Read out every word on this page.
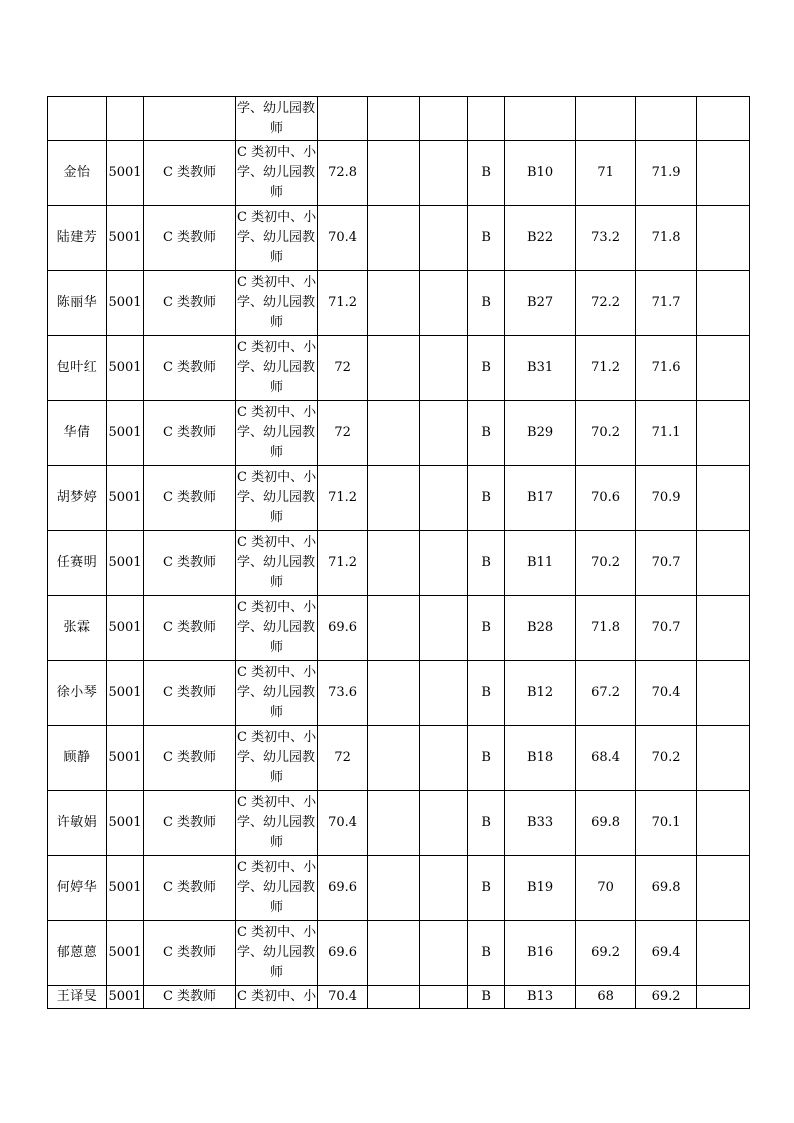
			学、幼儿园教
师								

金怡	5001	C 类教师	C 类初中、小
学、幼儿园教
师	72.8			B	B10	71	71.9	
陆建芳	5001	C 类教师	C 类初中、小
学、幼儿园教
师	70.4			B	B22	73.2	71.8	
陈丽华	5001	C 类教师	C 类初中、小
学、幼儿园教
师	71.2			B	B27	72.2	71.7	
包叶红	5001	C 类教师	C 类初中、小
学、幼儿园教
师	72			B	B31	71.2	71.6	
华倩	5001	C 类教师	C 类初中、小
学、幼儿园教
师	72			B	B29	70.2	71.1	
胡梦婷	5001	C 类教师	C 类初中、小
学、幼儿园教
师	71.2			B	B17	70.6	70.9	
任赛明	5001	C 类教师	C 类初中、小
学、幼儿园教
师	71.2			B	B11	70.2	70.7	
张霖	5001	C 类教师	C 类初中、小
学、幼儿园教
师	69.6			B	B28	71.8	70.7	
徐小琴	5001	C 类教师	C 类初中、小
学、幼儿园教
师	73.6			B	B12	67.2	70.4	
顾静	5001	C 类教师	C 类初中、小
学、幼儿园教
师	72			B	B18	68.4	70.2	
许敏娟	5001	C 类教师	C 类初中、小
学、幼儿园教
师	70.4			B	B33	69.8	70.1	
何婷华	5001	C 类教师	C 类初中、小
学、幼儿园教
师	69.6			B	B19	70	69.8	
郁蒽蒽	5001	C 类教师	C 类初中、小
学、幼儿园教
师	69.6			B	B16	69.2	69.4	
王译旻	5001	C 类教师	C 类初中、小	70.4			B	B13	68	69.2	
